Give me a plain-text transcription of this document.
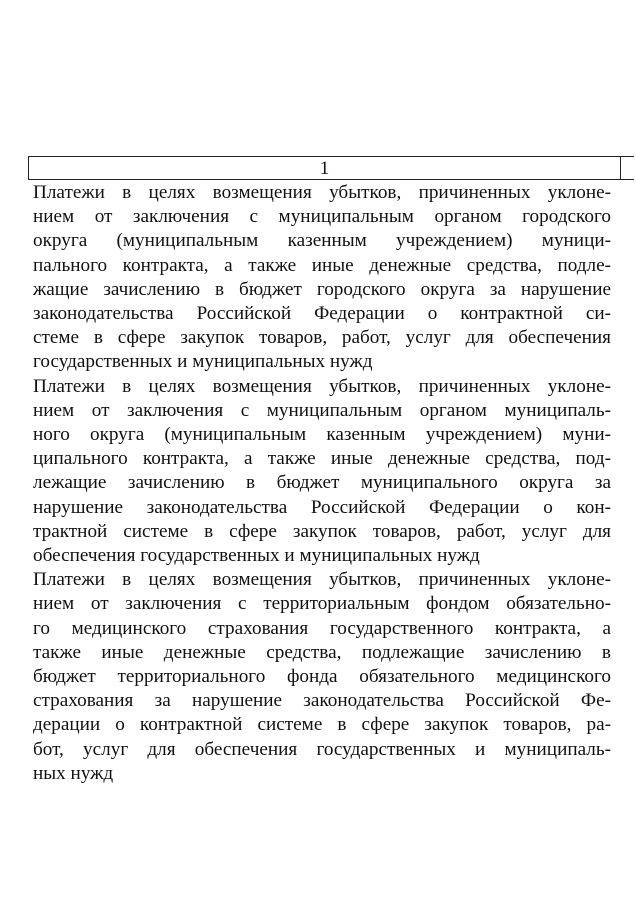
1

Платежи в целях возмещения убытков, причиненных уклоне-
нием от заключения с муниципальным органом городского
округа (муниципальным казенным учреждением) муници-
пального контракта, а также иные денежные средства, подле-
жащие зачислению в бюджет городского округа за нарушение
законодательства Российской Федерации о контрактной си-
стеме в сфере закупок товаров, работ, услуг для обеспечения
государственных и муниципальных нужд

Платежи в целях возмещения убытков, причиненных уклоне-
нием от заключения с муниципальным органом муниципаль-
ного округа (муниципальным казенным учреждением) муни-
ципального контракта, а также иные денежные средства, под-
лежащие зачислению в бюджет муниципального округа за
нарушение законодательства Российской Федерации о кон-
трактной системе в сфере закупок товаров, работ, услуг для
обеспечения государственных и муниципальных нужд

Платежи в целях возмещения убытков, причиненных уклоне-
нием от заключения с территориальным фондом обязательно-
го медицинского страхования государственного контракта, а
также иные денежные средства, подлежащие зачислению в
бюджет территориального фонда обязательного медицинского
страхования за нарушение законодательства Российской Фе-
дерации о контрактной системе в сфере закупок товаров, ра-
бот, услуг для обеспечения государственных и муниципаль-
ных нужд
